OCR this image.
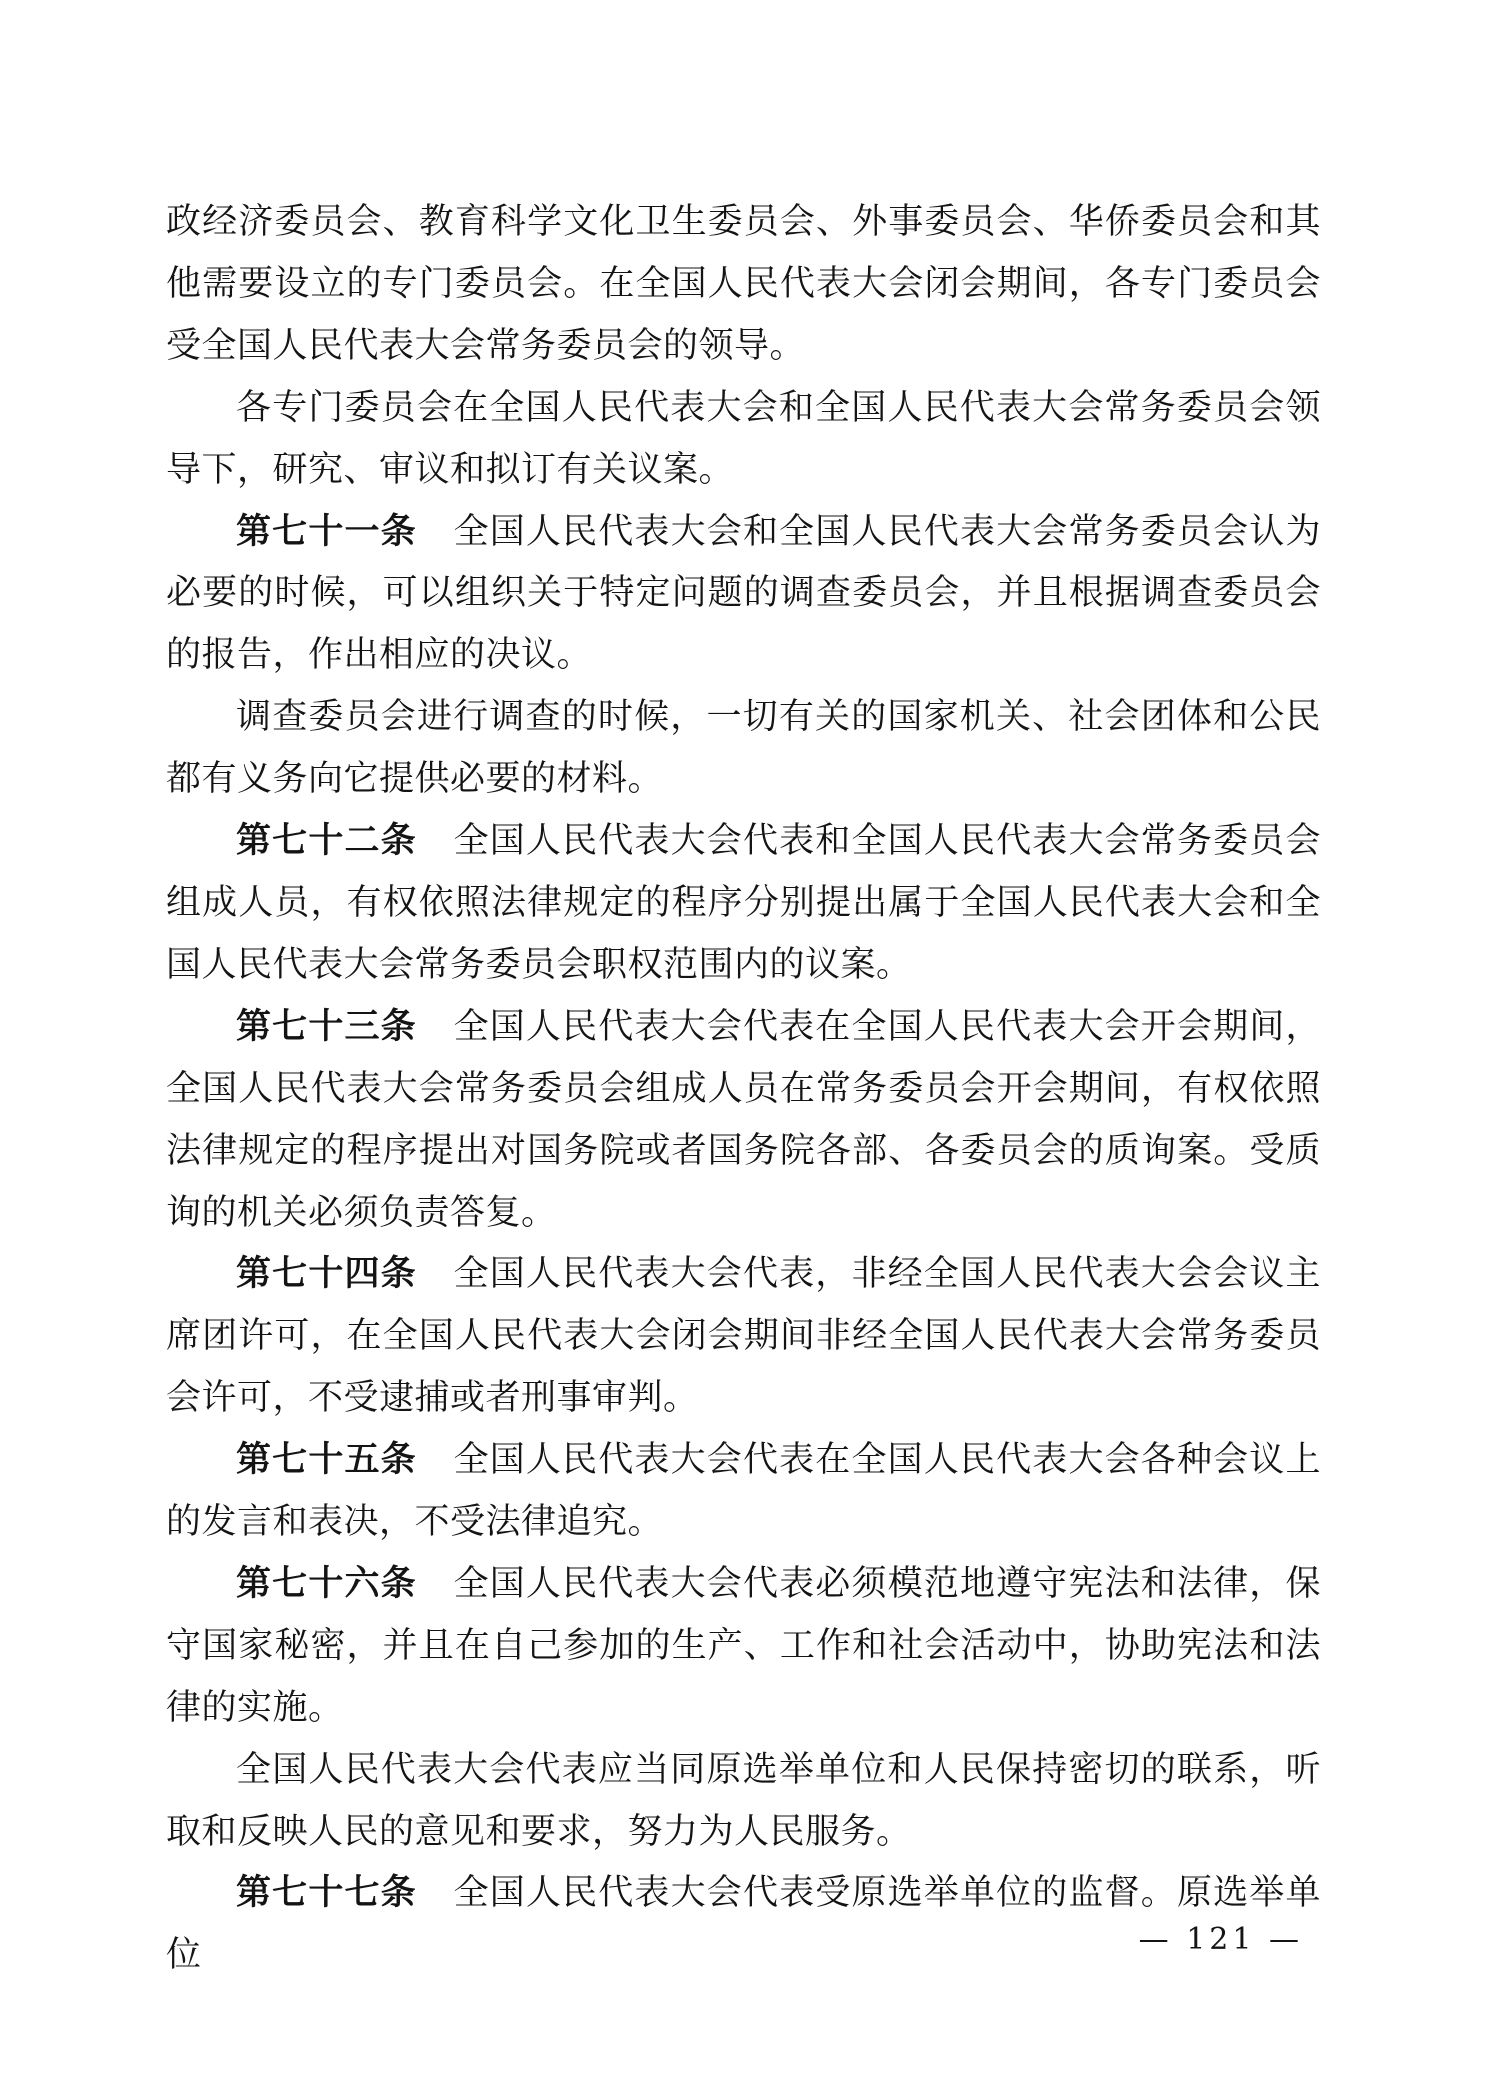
政经济委员会、教育科学文化卫生委员会、外事委员会、华侨委员会和其他需要设立的专门委员会。在全国人民代表大会闭会期间，各专门委员会受全国人民代表大会常务委员会的领导。

各专门委员会在全国人民代表大会和全国人民代表大会常务委员会领导下，研究、审议和拟订有关议案。

第七十一条 全国人民代表大会和全国人民代表大会常务委员会认为必要的时候，可以组织关于特定问题的调查委员会，并且根据调查委员会的报告，作出相应的决议。

调查委员会进行调查的时候，一切有关的国家机关、社会团体和公民都有义务向它提供必要的材料。

第七十二条 全国人民代表大会代表和全国人民代表大会常务委员会组成人员，有权依照法律规定的程序分别提出属于全国人民代表大会和全国人民代表大会常务委员会职权范围内的议案。

第七十三条 全国人民代表大会代表在全国人民代表大会开会期间，全国人民代表大会常务委员会组成人员在常务委员会开会期间，有权依照法律规定的程序提出对国务院或者国务院各部、各委员会的质询案。受质询的机关必须负责答复。

第七十四条 全国人民代表大会代表，非经全国人民代表大会会议主席团许可，在全国人民代表大会闭会期间非经全国人民代表大会常务委员会许可，不受逮捕或者刑事审判。

第七十五条 全国人民代表大会代表在全国人民代表大会各种会议上的发言和表决，不受法律追究。

第七十六条 全国人民代表大会代表必须模范地遵守宪法和法律，保守国家秘密，并且在自己参加的生产、工作和社会活动中，协助宪法和法律的实施。

全国人民代表大会代表应当同原选举单位和人民保持密切的联系，听取和反映人民的意见和要求，努力为人民服务。

第七十七条 全国人民代表大会代表受原选举单位的监督。原选举单位	— 121 —
